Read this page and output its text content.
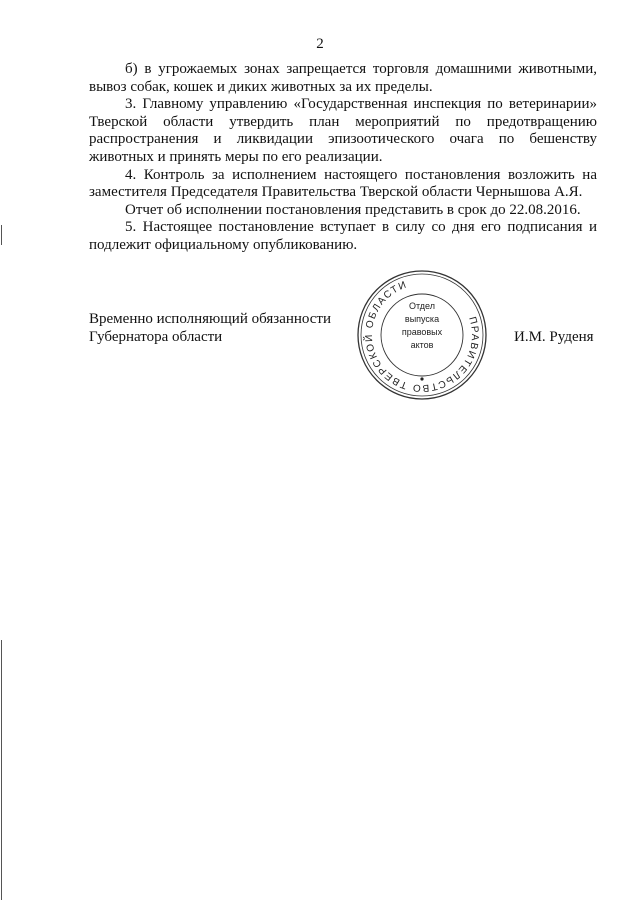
2

б) в угрожаемых зонах запрещается торговля домашними животными, вывоз собак, кошек и диких животных за их пределы.

3. Главному управлению «Государственная инспекция по ветеринарии» Тверской области утвердить план мероприятий по предотвращению распространения и ликвидации эпизоотического очага по бешенству животных и принять меры по его реализации.

4. Контроль за исполнением настоящего постановления возложить на заместителя Председателя Правительства Тверской области Чернышова А.Я.

Отчет об исполнении постановления представить в срок до 22.08.2016.

5. Настоящее постановление вступает в силу со дня его подписания и подлежит официальному опубликованию.

Временно исполняющий обязанности
Губернатора области	И.М. Руденя
ПРАВИТЕЛЬСТВО ТВЕРСКОЙ ОБЛАСТИ
Отдел
выпуска
правовых
актов
